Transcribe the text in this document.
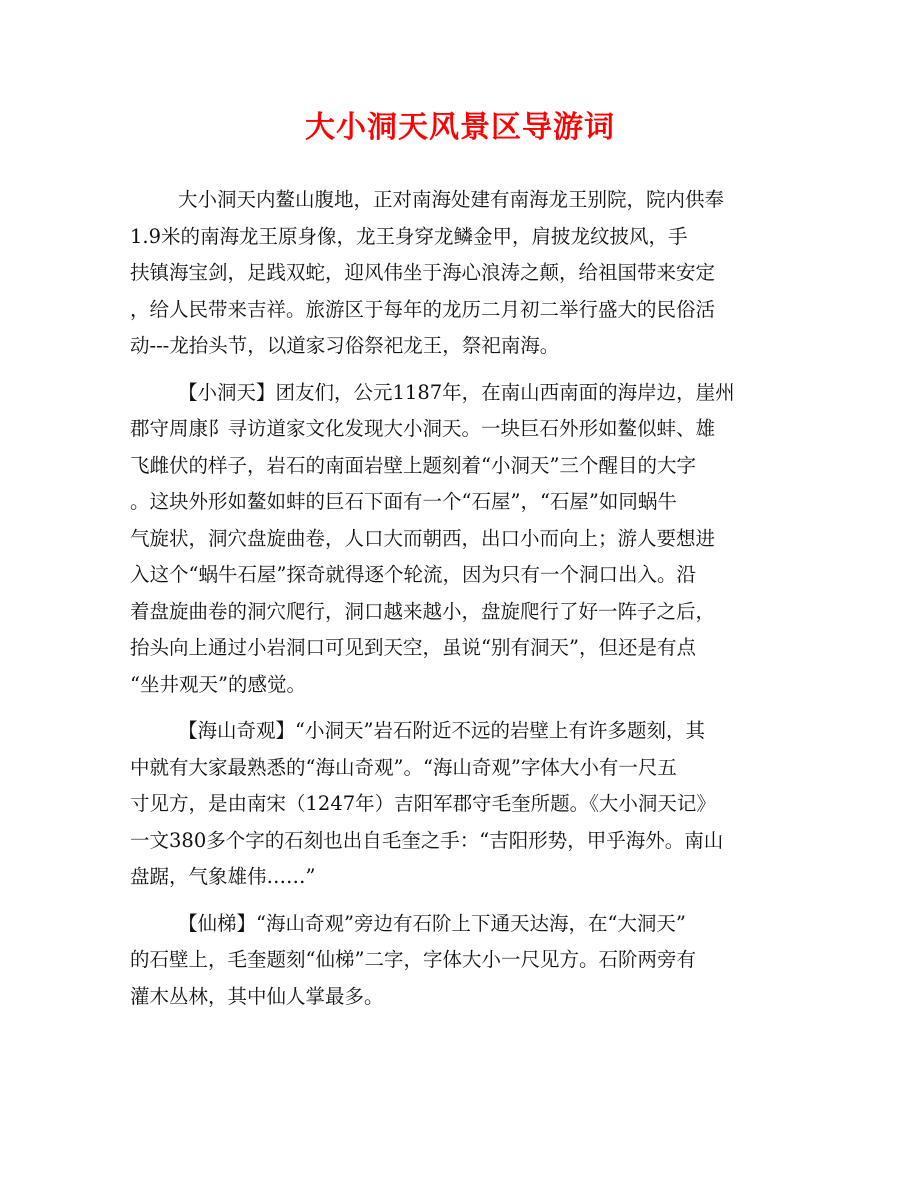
大小洞天风景区导游词
大小洞天内鳌山腹地，正对南海处建有南海龙王别院，院内供奉
1.9米的南海龙王原身像，龙王身穿龙鳞金甲，肩披龙纹披风，手
扶镇海宝剑，足践双蛇，迎风伟坐于海心浪涛之颠，给祖国带来安定
，给人民带来吉祥。旅游区于每年的龙历二月初二举行盛大的民俗活
动---龙抬头节，以道家习俗祭祀龙王，祭祀南海。
【小洞天】团友们，公元1187年，在南山西南面的海岸边，崖州
郡守周康阝寻访道家文化发现大小洞天。一块巨石外形如鳌似蚌、雄
飞雌伏的样子，岩石的南面岩壁上题刻着“小洞天”三个醒目的大字
。这块外形如鳌如蚌的巨石下面有一个“石屋”，“石屋”如同蜗牛
气旋状，洞穴盘旋曲卷，人口大而朝西，出口小而向上；游人要想进
入这个“蜗牛石屋”探奇就得逐个轮流，因为只有一个洞口出入。沿
着盘旋曲卷的洞穴爬行，洞口越来越小，盘旋爬行了好一阵子之后，
抬头向上通过小岩洞口可见到天空，虽说“别有洞天”，但还是有点
“坐井观天”的感觉。
【海山奇观】“小洞天”岩石附近不远的岩壁上有许多题刻，其
中就有大家最熟悉的“海山奇观”。“海山奇观”字体大小有一尺五
寸见方，是由南宋（1247年）吉阳军郡守毛奎所题。《大小洞天记》
一文380多个字的石刻也出自毛奎之手：“吉阳形势，甲乎海外。南山
盘踞，气象雄伟……”
【仙梯】“海山奇观”旁边有石阶上下通天达海，在“大洞天”
的石壁上，毛奎题刻“仙梯”二字，字体大小一尺见方。石阶两旁有
灌木丛林，其中仙人掌最多。
